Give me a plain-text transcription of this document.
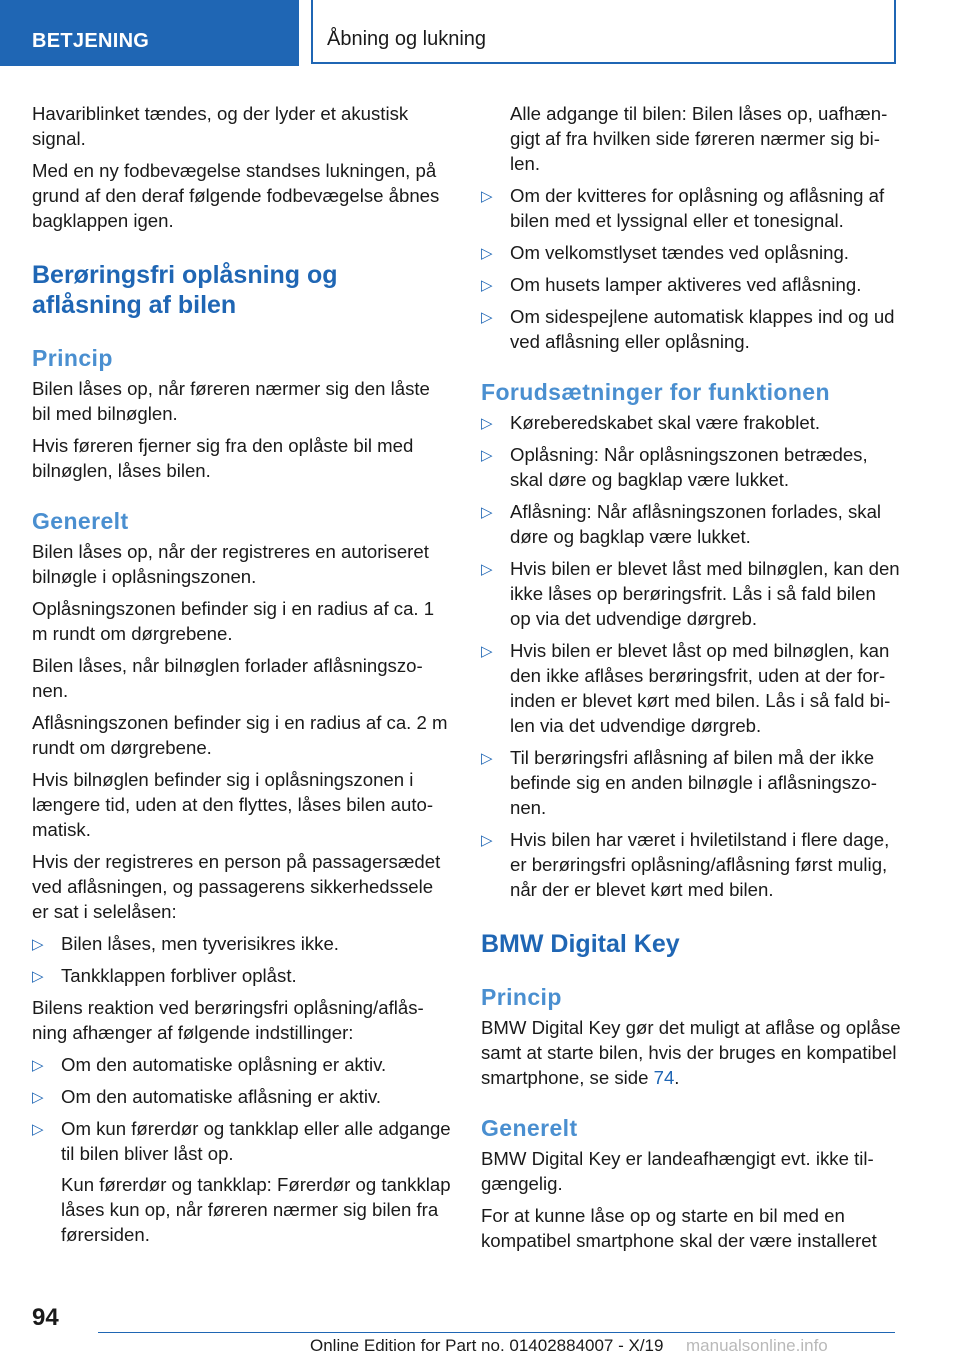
BETJENING	Åbning og lukning

Havariblinket tændes, og der lyder et akustisk signal.

Med en ny fodbevægelse standses lukningen, på grund af den deraf følgende fodbevægelse åbnes bagklappen igen.

Berøringsfri oplåsning og aflåsning af bilen
Princip

Bilen låses op, når føreren nærmer sig den låste bil med bilnøglen.

Hvis føreren fjerner sig fra den oplåste bil med bilnøglen, låses bilen.

Generelt

Bilen låses op, når der registreres en autoriseret bilnøgle i oplåsningszonen.

Oplåsningszonen befinder sig i en radius af ca. 1 m rundt om dørgrebene.

Bilen låses, når bilnøglen forlader aflåsningszonen.

Aflåsningszonen befinder sig i en radius af ca. 2 m rundt om dørgrebene.

Hvis bilnøglen befinder sig i oplåsningszonen i længere tid, uden at den flyttes, låses bilen automatisk.

Hvis der registreres en person på passagersædet ved aflåsningen, og passagerens sikkerhedssele er sat i selelåsen:

▷ Bilen låses, men tyverisikres ikke.
▷ Tankklappen forbliver oplåst.

Bilens reaktion ved berøringsfri oplåsning/aflåsning afhænger af følgende indstillinger:

▷ Om den automatiske oplåsning er aktiv.
▷ Om den automatiske aflåsning er aktiv.
▷ Om kun førerdør og tankklap eller alle adgange til bilen bliver låst op.
Kun førerdør og tankklap: Førerdør og tankklap låses kun op, når føreren nærmer sig bilen fra førersiden.

Alle adgange til bilen: Bilen låses op, uafhængigt af fra hvilken side føreren nærmer sig bilen.

▷ Om der kvitteres for oplåsning og aflåsning af bilen med et lyssignal eller et tonesignal.
▷ Om velkomstlyset tændes ved oplåsning.
▷ Om husets lamper aktiveres ved aflåsning.
▷ Om sidespejlene automatisk klappes ind og ud ved aflåsning eller oplåsning.
Forudsætninger for funktionen
▷ Køreberedskabet skal være frakoblet.
▷ Oplåsning: Når oplåsningszonen betrædes, skal døre og bagklap være lukket.
▷ Aflåsning: Når aflåsningszonen forlades, skal døre og bagklap være lukket.
▷ Hvis bilen er blevet låst med bilnøglen, kan den ikke låses op berøringsfrit. Lås i så fald bilen op via det udvendige dørgreb.
▷ Hvis bilen er blevet låst op med bilnøglen, kan den ikke aflåses berøringsfrit, uden at der forinden er blevet kørt med bilen. Lås i så fald bilen via det udvendige dørgreb.
▷ Til berøringsfri aflåsning af bilen må der ikke befinde sig en anden bilnøgle i aflåsningszonen.
▷ Hvis bilen har været i hviletilstand i flere dage, er berøringsfri oplåsning/aflåsning først mulig, når der er blevet kørt med bilen.
BMW Digital Key
Princip

BMW Digital Key gør det muligt at aflåse og oplåse samt at starte bilen, hvis der bruges en kompatibel smartphone, se side 74.

Generelt

BMW Digital Key er landeafhængigt evt. ikke tilgængelig.

For at kunne låse op og starte en bil med en kompatibel smartphone skal der være installeret

94
Online Edition for Part no. 01402884007 - X/19 manualsonline.info
